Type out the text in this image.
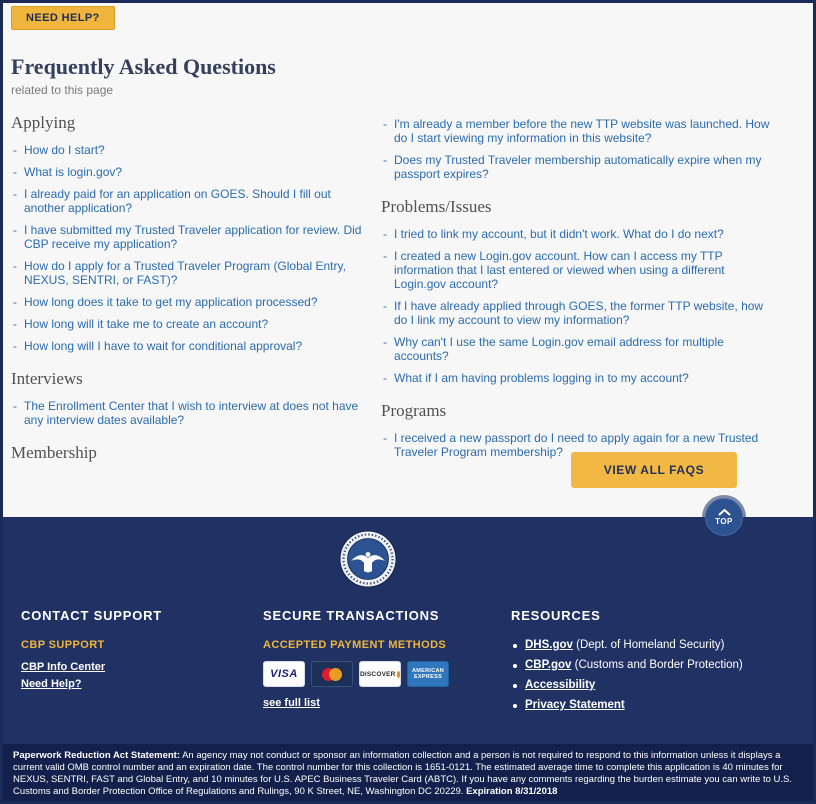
NEED HELP?
Frequently Asked Questions
related to this page
Applying
- How do I start?
- What is login.gov?
- I already paid for an application on GOES. Should I fill out another application?
- I have submitted my Trusted Traveler application for review. Did CBP receive my application?
- How do I apply for a Trusted Traveler Program (Global Entry, NEXUS, SENTRI, or FAST)?
- How long does it take to get my application processed?
- How long will it take me to create an account?
- How long will I have to wait for conditional approval?
Interviews
- The Enrollment Center that I wish to interview at does not have any interview dates available?
Membership
- I'm already a member before the new TTP website was launched. How do I start viewing my information in this website?
- Does my Trusted Traveler membership automatically expire when my passport expires?
Problems/Issues
- I tried to link my account, but it didn't work. What do I do next?
- I created a new Login.gov account. How can I access my TTP information that I last entered or viewed when using a different Login.gov account?
- If I have already applied through GOES, the former TTP website, how do I link my account to view my information?
- Why can't I use the same Login.gov email address for multiple accounts?
- What if I am having problems logging in to my account?
Programs
- I received a new passport do I need to apply again for a new Trusted Traveler Program membership?
VIEW ALL FAQS
TOP
CONTACT SUPPORT
CBP SUPPORT
CBP Info Center
Need Help?
SECURE TRANSACTIONS
ACCEPTED PAYMENT METHODS
VISA	DISCOVER	AMERICAN EXPRESS
see full list
RESOURCES
DHS.gov (Dept. of Homeland Security)
CBP.gov (Customs and Border Protection)
Accessibility
Privacy Statement
Paperwork Reduction Act Statement: An agency may not conduct or sponsor an information collection and a person is not required to respond to this information unless it displays a current valid OMB control number and an expiration date. The control number for this collection is 1651-0121. The estimated average time to complete this application is 40 minutes for NEXUS, SENTRI, FAST and Global Entry, and 10 minutes for U.S. APEC Business Traveler Card (ABTC). If you have any comments regarding the burden estimate you can write to U.S. Customs and Border Protection Office of Regulations and Rulings, 90 K Street, NE, Washington DC 20229. Expiration 8/31/2018
